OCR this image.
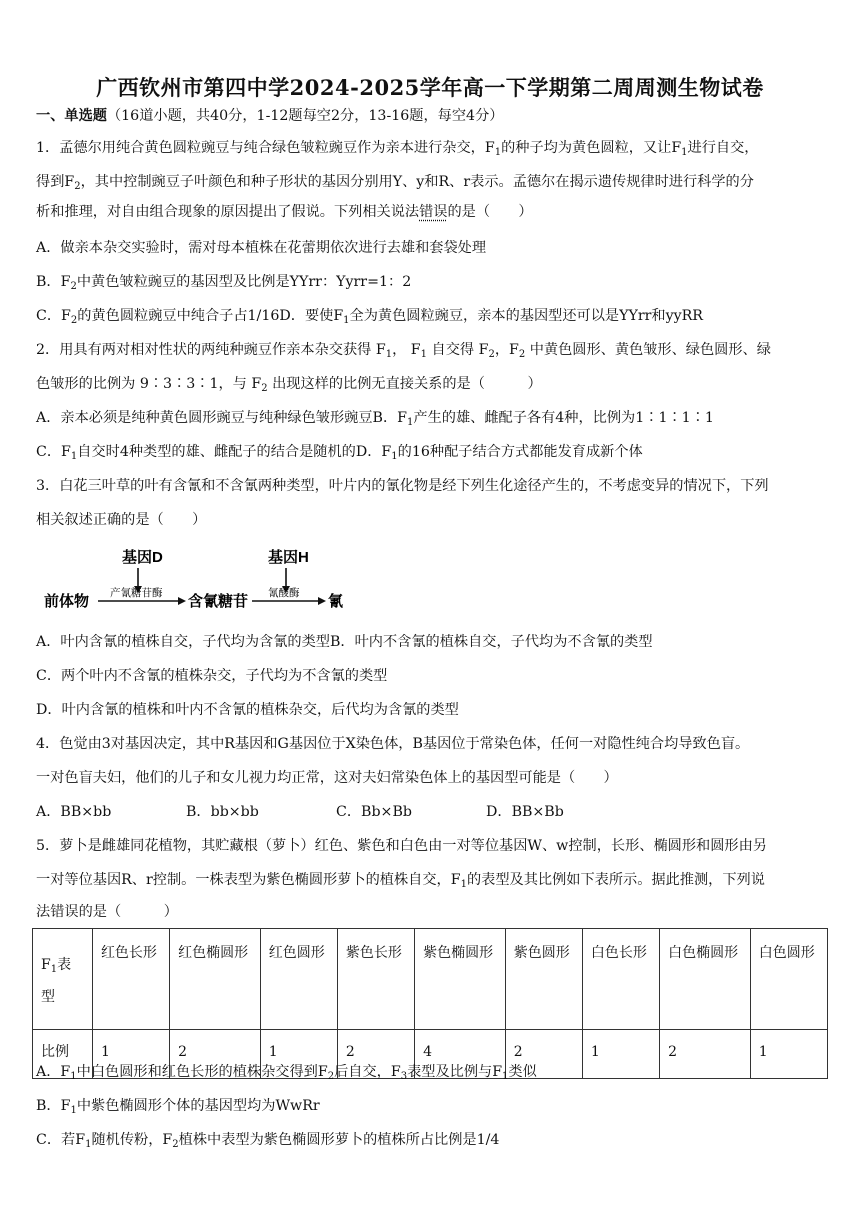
广西钦州市第四中学2024-2025学年高一下学期第二周周测生物试卷
一、单选题（16道小题，共40分，1-12题每空2分，13-16题，每空4分）
1．孟德尔用纯合黄色圆粒豌豆与纯合绿色皱粒豌豆作为亲本进行杂交，$F_1$的种子均为黄色圆粒，又让$F_1$进行自交，
得到$F_2$，其中控制豌豆子叶颜色和种子形状的基因分别用Y、y和R、r表示。孟德尔在揭示遗传规律时进行科学的分
析和推理，对自由组合现象的原因提出了假说。下列相关说法错误的是（　　）
A．做亲本杂交实验时，需对母本植株在花蕾期依次进行去雄和套袋处理
B．$F_2$中黄色皱粒豌豆的基因型及比例是YYrr：Yyrr=1：2
C．$F_2$的黄色圆粒豌豆中纯合子占1/16D．要使$F_1$全为黄色圆粒豌豆，亲本的基因型还可以是YYrr和yyRR
2．用具有两对相对性状的两纯种豌豆作亲本杂交获得 $F_1$， $F_1$ 自交得 $F_2$，$F_2$ 中黄色圆形、黄色皱形、绿色圆形、绿
色皱形的比例为 9∶3∶3∶1，与 $F_2$ 出现这样的比例无直接关系的是（　　　）
A．亲本必须是纯种黄色圆形豌豆与纯种绿色皱形豌豆B．$F_1$产生的雄、雌配子各有4种，比例为1∶1∶1∶1
C．$F_1$自交时4种类型的雄、雌配子的结合是随机的D．$F_1$的16种配子结合方式都能发育成新个体
3．白花三叶草的叶有含氰和不含氰两种类型，叶片内的氰化物是经下列生化途径产生的，不考虑变异的情况下，下列
相关叙述正确的是（　　）
基因D	基因H
产氰糖苷酶	氰酸酶
前体物	含氰糖苷	氰
A．叶内含氰的植株自交，子代均为含氰的类型B．叶内不含氰的植株自交，子代均为不含氰的类型
C．两个叶内不含氰的植株杂交，子代均为不含氰的类型
D．叶内含氰的植株和叶内不含氰的植株杂交，后代均为含氰的类型
4．色觉由3对基因决定，其中R基因和G基因位于X染色体，B基因位于常染色体，任何一对隐性纯合均导致色盲。
一对色盲夫妇，他们的儿子和女儿视力均正常，这对夫妇常染色体上的基因型可能是（　　）
A．BB×bb	B．bb×bb	C．Bb×Bb	D．BB×Bb
5．萝卜是雌雄同花植物，其贮藏根（萝卜）红色、紫色和白色由一对等位基因W、w控制，长形、椭圆形和圆形由另
一对等位基因R、r控制。一株表型为紫色椭圆形萝卜的植株自交，$F_1$的表型及其比例如下表所示。据此推测，下列说
法错误的是（　　　）
$F_1$表型	红色长形	红色椭圆形	红色圆形	紫色长形	紫色椭圆形	紫色圆形	白色长形	白色椭圆形	白色圆形
比例	1	2	1	2	4	2	1	2	1
A．$F_1$中白色圆形和红色长形的植株杂交得到$F_2$后自交，$F_3$表型及比例与$F_1$类似
B．$F_1$中紫色椭圆形个体的基因型均为WwRr
C．若$F_1$随机传粉，$F_2$植株中表型为紫色椭圆形萝卜的植株所占比例是1/4
